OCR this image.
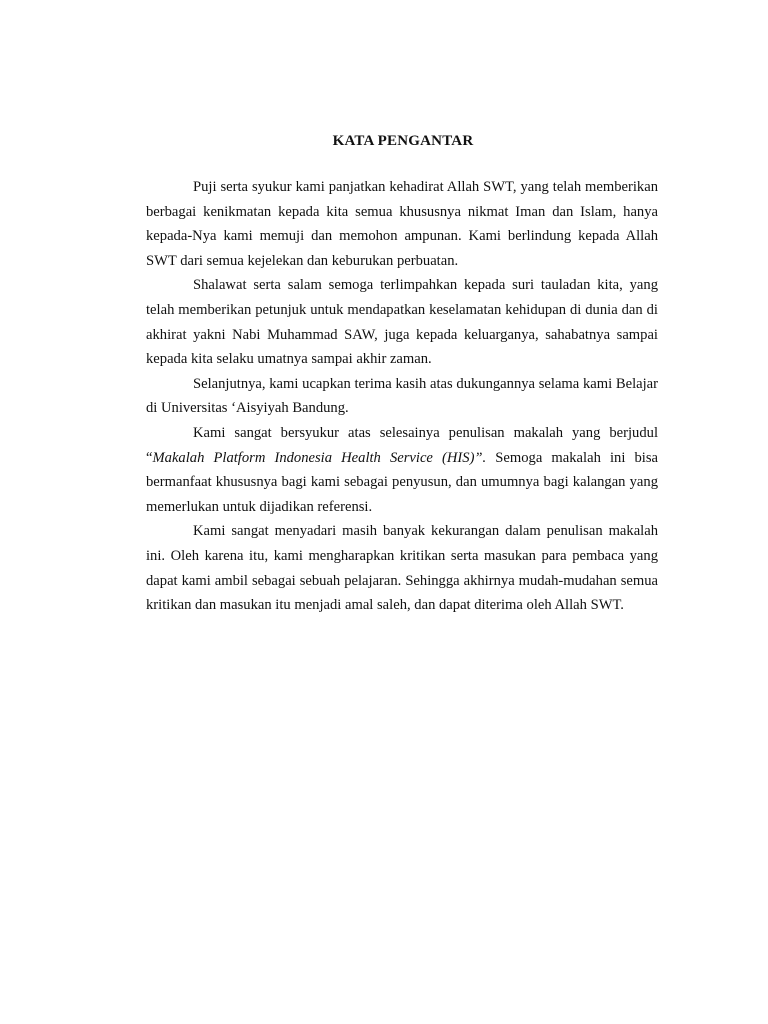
KATA PENGANTAR

Puji serta syukur kami panjatkan kehadirat Allah SWT, yang telah memberikan berbagai kenikmatan kepada kita semua khususnya nikmat Iman dan Islam, hanya kepada-Nya kami memuji dan memohon ampunan. Kami berlindung kepada Allah SWT dari semua kejelekan dan keburukan perbuatan.

Shalawat serta salam semoga terlimpahkan kepada suri tauladan kita, yang telah memberikan petunjuk untuk mendapatkan keselamatan kehidupan di dunia dan di akhirat yakni Nabi Muhammad SAW, juga kepada keluarganya, sahabatnya sampai kepada kita selaku umatnya sampai akhir zaman.

Selanjutnya, kami ucapkan terima kasih atas dukungannya selama kami Belajar di Universitas ‘Aisyiyah Bandung.

Kami sangat bersyukur atas selesainya penulisan makalah yang berjudul “Makalah Platform Indonesia Health Service (HIS)”. Semoga makalah ini bisa bermanfaat khususnya bagi kami sebagai penyusun, dan umumnya bagi kalangan yang memerlukan untuk dijadikan referensi.

Kami sangat menyadari masih banyak kekurangan dalam penulisan makalah ini. Oleh karena itu, kami mengharapkan kritikan serta masukan para pembaca yang dapat kami ambil sebagai sebuah pelajaran. Sehingga akhirnya mudah-mudahan semua kritikan dan masukan itu menjadi amal saleh, dan dapat diterima oleh Allah SWT.
